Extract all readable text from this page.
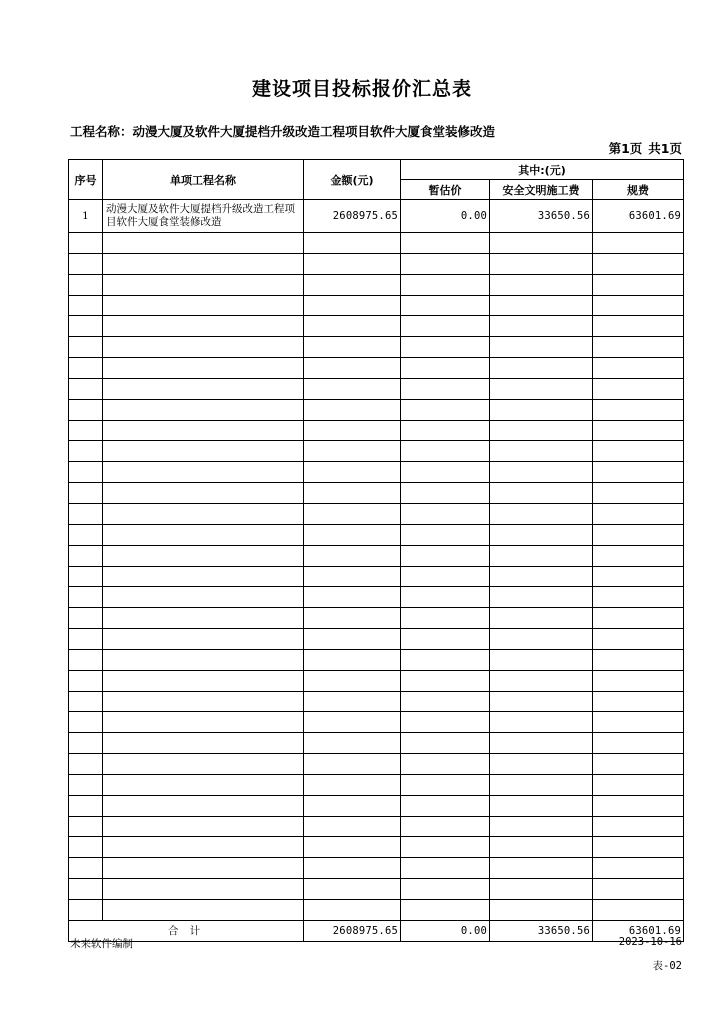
建设项目投标报价汇总表
工程名称：动漫大厦及软件大厦提档升级改造工程项目软件大厦食堂装修改造
第1页 共1页
序号	单项工程名称	金额(元)	其中:(元)		
			暂估价	安全文明施工费	规费
1	动漫大厦及软件大厦提档升级改造工程项目软件大厦食堂装修改造	2608975.65	0.00	33650.56	63601.69

合 计		2608975.65	0.00	33650.56	63601.69
未来软件编制	2023-10-16
表-02
